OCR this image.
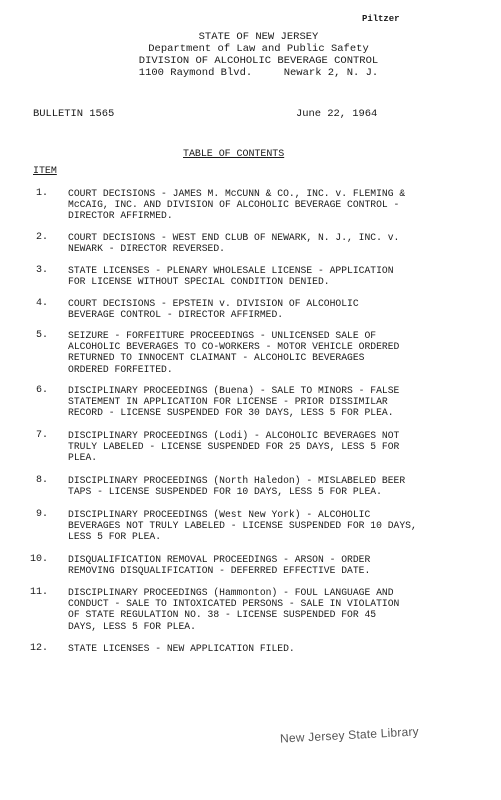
Piltzer
STATE OF NEW JERSEY
Department of Law and Public Safety
DIVISION OF ALCOHOLIC BEVERAGE CONTROL
1100 Raymond Blvd.     Newark 2, N. J.
BULLETIN 1565	June 22, 1964
TABLE OF CONTENTS
ITEM
1. COURT DECISIONS - JAMES M. McCUNN & CO., INC. v. FLEMING &
McCAIG, INC. AND DIVISION OF ALCOHOLIC BEVERAGE CONTROL -
DIRECTOR AFFIRMED.
2. COURT DECISIONS - WEST END CLUB OF NEWARK, N. J., INC. v.
NEWARK - DIRECTOR REVERSED.
3. STATE LICENSES - PLENARY WHOLESALE LICENSE - APPLICATION
FOR LICENSE WITHOUT SPECIAL CONDITION DENIED.
4. COURT DECISIONS - EPSTEIN v. DIVISION OF ALCOHOLIC
BEVERAGE CONTROL - DIRECTOR AFFIRMED.
5. SEIZURE - FORFEITURE PROCEEDINGS - UNLICENSED SALE OF
ALCOHOLIC BEVERAGES TO CO-WORKERS - MOTOR VEHICLE ORDERED
RETURNED TO INNOCENT CLAIMANT - ALCOHOLIC BEVERAGES
ORDERED FORFEITED.
6. DISCIPLINARY PROCEEDINGS (Buena) - SALE TO MINORS - FALSE
STATEMENT IN APPLICATION FOR LICENSE - PRIOR DISSIMILAR
RECORD - LICENSE SUSPENDED FOR 30 DAYS, LESS 5 FOR PLEA.
7. DISCIPLINARY PROCEEDINGS (Lodi) - ALCOHOLIC BEVERAGES NOT
TRULY LABELED - LICENSE SUSPENDED FOR 25 DAYS, LESS 5 FOR
PLEA.
8. DISCIPLINARY PROCEEDINGS (North Haledon) - MISLABELED BEER
TAPS - LICENSE SUSPENDED FOR 10 DAYS, LESS 5 FOR PLEA.
9. DISCIPLINARY PROCEEDINGS (West New York) - ALCOHOLIC
BEVERAGES NOT TRULY LABELED - LICENSE SUSPENDED FOR 10 DAYS,
LESS 5 FOR PLEA.
10. DISQUALIFICATION REMOVAL PROCEEDINGS - ARSON - ORDER
REMOVING DISQUALIFICATION - DEFERRED EFFECTIVE DATE.
11. DISCIPLINARY PROCEEDINGS (Hammonton) - FOUL LANGUAGE AND
CONDUCT - SALE TO INTOXICATED PERSONS - SALE IN VIOLATION
OF STATE REGULATION NO. 38 - LICENSE SUSPENDED FOR 45
DAYS, LESS 5 FOR PLEA.
12. STATE LICENSES - NEW APPLICATION FILED.
New Jersey State Library
